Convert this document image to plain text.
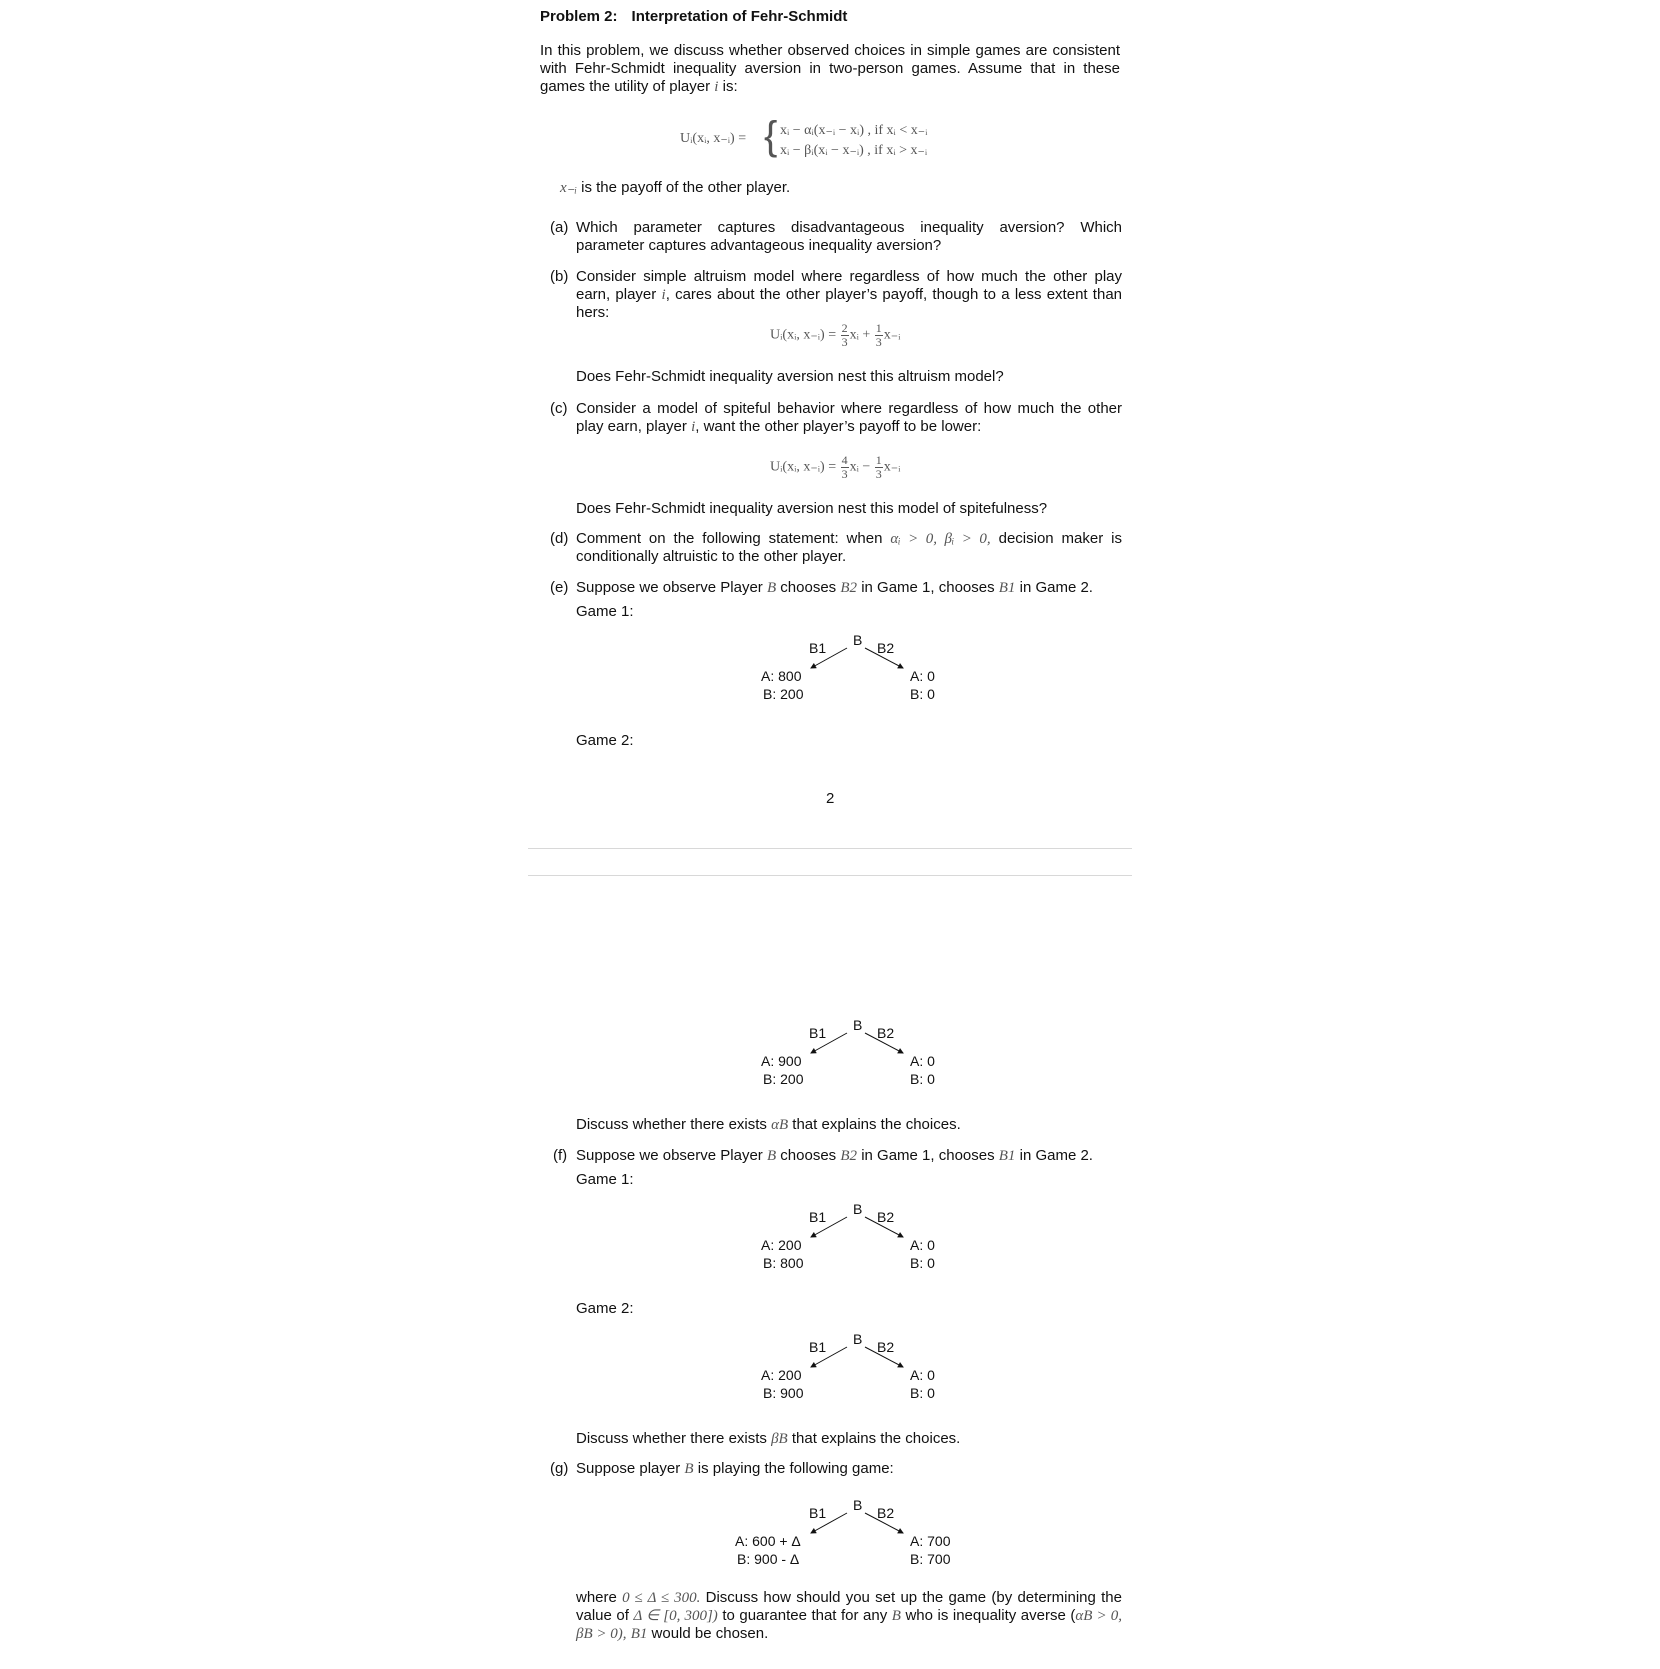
Problem 2: Interpretation of Fehr-Schmidt
In this problem, we discuss whether observed choices in simple games are consistent with Fehr-Schmidt inequality aversion in two-person games. Assume that in these games the utility of player i is:
Uᵢ(xᵢ, x₋ᵢ) = { xᵢ − αᵢ(x₋ᵢ − xᵢ) , if xᵢ < x₋ᵢ
xᵢ − βᵢ(xᵢ − x₋ᵢ) , if xᵢ > x₋ᵢ
x₋ᵢ is the payoff of the other player.
(a) Which parameter captures disadvantageous inequality aversion? Which parameter captures advantageous inequality aversion?
(b) Consider simple altruism model where regardless of how much the other play earn, player i, cares about the other player’s payoff, though to a less extent than hers:
Uᵢ(xᵢ, x₋ᵢ) = $\frac{2}{3}$ xᵢ + $\frac{1}{3}$ x₋ᵢ
Does Fehr-Schmidt inequality aversion nest this altruism model?
(c) Consider a model of spiteful behavior where regardless of how much the other play earn, player i, want the other player’s payoff to be lower:
Uᵢ(xᵢ, x₋ᵢ) = $\frac{4}{3}$ xᵢ − $\frac{1}{3}$ x₋ᵢ
Does Fehr-Schmidt inequality aversion nest this model of spitefulness?
(d) Comment on the following statement: when αᵢ > 0, βᵢ > 0, decision maker is conditionally altruistic to the other player.
(e) Suppose we observe Player B chooses B2 in Game 1, chooses B1 in Game 2.
Game 1:
B
B1	B2
A: 800
B: 200
A: 0
B: 0
Game 2:
2
B
B1	B2
A: 900
B: 200
A: 0
B: 0
Discuss whether there exists αB that explains the choices.
(f) Suppose we observe Player B chooses B2 in Game 1, chooses B1 in Game 2.
Game 1:
B
B1	B2
A: 200
B: 800
A: 0
B: 0
Game 2:
B
B1	B2
A: 200
B: 900
A: 0
B: 0
Discuss whether there exists βB that explains the choices.
(g) Suppose player B is playing the following game:
B
B1	B2
A: 600 + Δ
B: 900 - Δ
A: 700
B: 700
where 0 ≤ Δ ≤ 300. Discuss how should you set up the game (by determining the value of Δ ∈ [0, 300]) to guarantee that for any B who is inequality averse (αB > 0, βB > 0), B1 would be chosen.
